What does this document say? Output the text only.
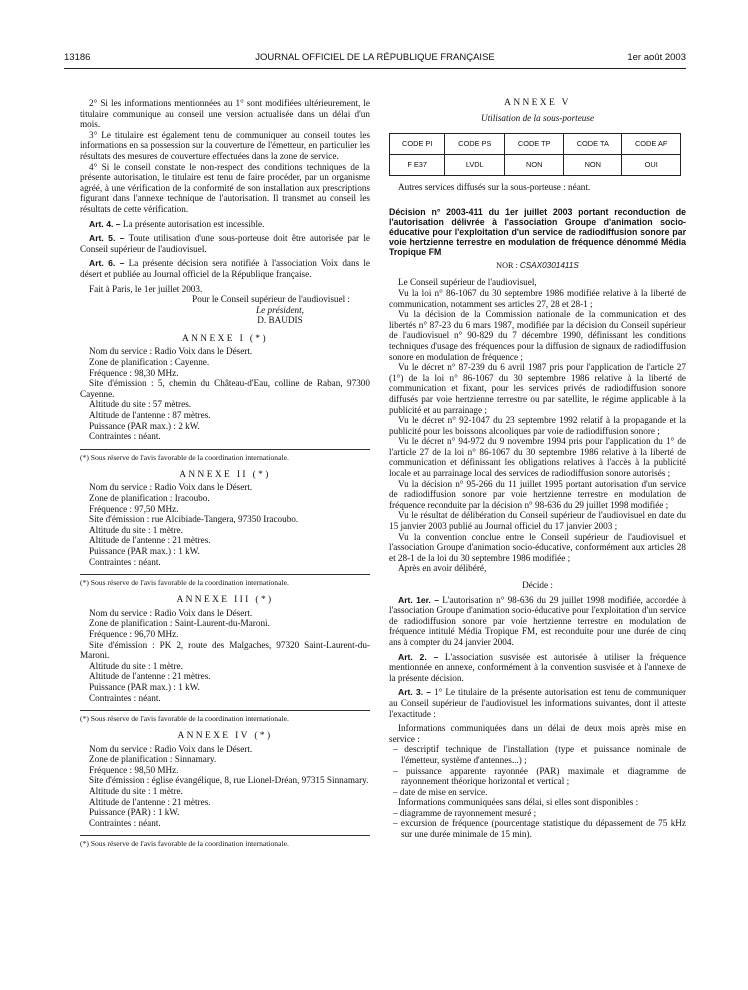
13186	JOURNAL OFFICIEL DE LA RÉPUBLIQUE FRANÇAISE	1er août 2003

2° Si les informations mentionnées au 1° sont modifiées ultérieurement, le titulaire communique au conseil une version actualisée dans un délai d'un mois.

3° Le titulaire est également tenu de communiquer au conseil toutes les informations en sa possession sur la couverture de l'émetteur, en particulier les résultats des mesures de couverture effectuées dans la zone de service.

4° Si le conseil constate le non-respect des conditions techniques de la présente autorisation, le titulaire est tenu de faire procéder, par un organisme agréé, à une vérification de la conformité de son installation aux prescriptions figurant dans l'annexe technique de l'autorisation. Il transmet au conseil les résultats de cette vérification.

Art. 4. – La présente autorisation est incessible.

Art. 5. – Toute utilisation d'une sous-porteuse doit être autorisée par le Conseil supérieur de l'audiovisuel.

Art. 6. – La présente décision sera notifiée à l'association Voix dans le désert et publiée au Journal officiel de la République française.

Fait à Paris, le 1er juillet 2003.

Pour le Conseil supérieur de l'audiovisuel :

Le président,

D. BAUDIS

ANNEXE I (*)

Nom du service : Radio Voix dans le Désert.

Zone de planification : Cayenne.

Fréquence : 98,30 MHz.

Site d'émission : 5, chemin du Château-d'Eau, colline de Raban, 97300 Cayenne.

Altitude du site : 57 mètres.

Altitude de l'antenne : 87 mètres.

Puissance (PAR max.) : 2 kW.

Contraintes : néant.

(*) Sous réserve de l'avis favorable de la coordination internationale.
ANNEXE II (*)

Nom du service : Radio Voix dans le Désert.

Zone de planification : Iracoubo.

Fréquence : 97,50 MHz.

Site d'émission : rue Alcibiade-Tangera, 97350 Iracoubo.

Altitude du site : 1 mètre.

Altitude de l'antenne : 21 mètres.

Puissance (PAR max.) : 1 kW.

Contraintes : néant.

(*) Sous réserve de l'avis favorable de la coordination internationale.
ANNEXE III (*)

Nom du service : Radio Voix dans le Désert.

Zone de planification : Saint-Laurent-du-Maroni.

Fréquence : 96,70 MHz.

Site d'émission : PK 2, route des Malgaches, 97320 Saint-Laurent-du-Maroni.

Altitude du site : 1 mètre.

Altitude de l'antenne : 21 mètres.

Puissance (PAR max.) : 1 kW.

Contraintes : néant.

(*) Sous réserve de l'avis favorable de la coordination internationale.
ANNEXE IV (*)

Nom du service : Radio Voix dans le Désert.

Zone de planification : Sinnamary.

Fréquence : 98,50 MHz.

Site d'émission : église évangélique, 8, rue Lionel-Dréan, 97315 Sinnamary.

Altitude du site : 1 mètre.

Altitude de l'antenne : 21 mètres.

Puissance (PAR) : 1 kW.

Contraintes : néant.

(*) Sous réserve de l'avis favorable de la coordination internationale.
ANNEXE V
Utilisation de la sous-porteuse
CODE PI	CODE PS	CODE TP	CODE TA	CODE AF
F E37	LVDL	NON	NON	OUI

Autres services diffusés sur la sous-porteuse : néant.

Décision n° 2003-411 du 1er juillet 2003 portant reconduction de l'autorisation délivrée à l'association Groupe d'animation socio-éducative pour l'exploitation d'un service de radiodiffusion sonore par voie hertzienne terrestre en modulation de fréquence dénommé Média Tropique FM

NOR : CSAX0301411S

Le Conseil supérieur de l'audiovisuel,

Vu la loi n° 86-1067 du 30 septembre 1986 modifiée relative à la liberté de communication, notamment ses articles 27, 28 et 28-1 ;

Vu la décision de la Commission nationale de la communication et des libertés n° 87-23 du 6 mars 1987, modifiée par la décision du Conseil supérieur de l'audiovisuel n° 90-829 du 7 décembre 1990, définissant les conditions techniques d'usage des fréquences pour la diffusion de signaux de radiodiffusion sonore en modulation de fréquence ;

Vu le décret n° 87-239 du 6 avril 1987 pris pour l'application de l'article 27 (1°) de la loi n° 86-1067 du 30 septembre 1986 relative à la liberté de communication et fixant, pour les services privés de radiodiffusion sonore diffusés par voie hertzienne terrestre ou par satellite, le régime applicable à la publicité et au parrainage ;

Vu le décret n° 92-1047 du 23 septembre 1992 relatif à la propagande et la publicité pour les boissons alcooliques par voie de radiodiffusion sonore ;

Vu le décret n° 94-972 du 9 novembre 1994 pris pour l'application du 1° de l'article 27 de la loi n° 86-1067 du 30 septembre 1986 relative à la liberté de communication et définissant les obligations relatives à l'accès à la publicité locale et au parrainage local des services de radiodiffusion sonore autorisés ;

Vu la décision n° 95-266 du 11 juillet 1995 portant autorisation d'un service de radiodiffusion sonore par voie hertzienne terrestre en modulation de fréquence reconduite par la décision n° 98-636 du 29 juillet 1998 modifiée ;

Vu le résultat de délibération du Conseil supérieur de l'audiovisuel en date du 15 janvier 2003 publié au Journal officiel du 17 janvier 2003 ;

Vu la convention conclue entre le Conseil supérieur de l'audiovisuel et l'association Groupe d'animation socio-éducative, conformément aux articles 28 et 28-1 de la loi du 30 septembre 1986 modifiée ;

Après en avoir délibéré,

Décide :

Art. 1er. – L'autorisation n° 98-636 du 29 juillet 1998 modifiée, accordée à l'association Groupe d'animation socio-éducative pour l'exploitation d'un service de radiodiffusion sonore par voie hertzienne terrestre en modulation de fréquence intitulé Média Tropique FM, est reconduite pour une durée de cinq ans à compter du 24 janvier 2004.

Art. 2. – L'association susvisée est autorisée à utiliser la fréquence mentionnée en annexe, conformément à la convention susvisée et à l'annexe de la présente décision.

Art. 3. – 1° Le titulaire de la présente autorisation est tenu de communiquer au Conseil supérieur de l'audiovisuel les informations suivantes, dont il atteste l'exactitude :

Informations communiquées dans un délai de deux mois après mise en service :

– descriptif technique de l'installation (type et puissance nominale de l'émetteur, système d'antennes...) ;

– puissance apparente rayonnée (PAR) maximale et diagramme de rayonnement théorique horizontal et vertical ;

– date de mise en service.

Informations communiquées sans délai, si elles sont disponibles :

– diagramme de rayonnement mesuré ;

– excursion de fréquence (pourcentage statistique du dépassement de 75 kHz sur une durée minimale de 15 min).
